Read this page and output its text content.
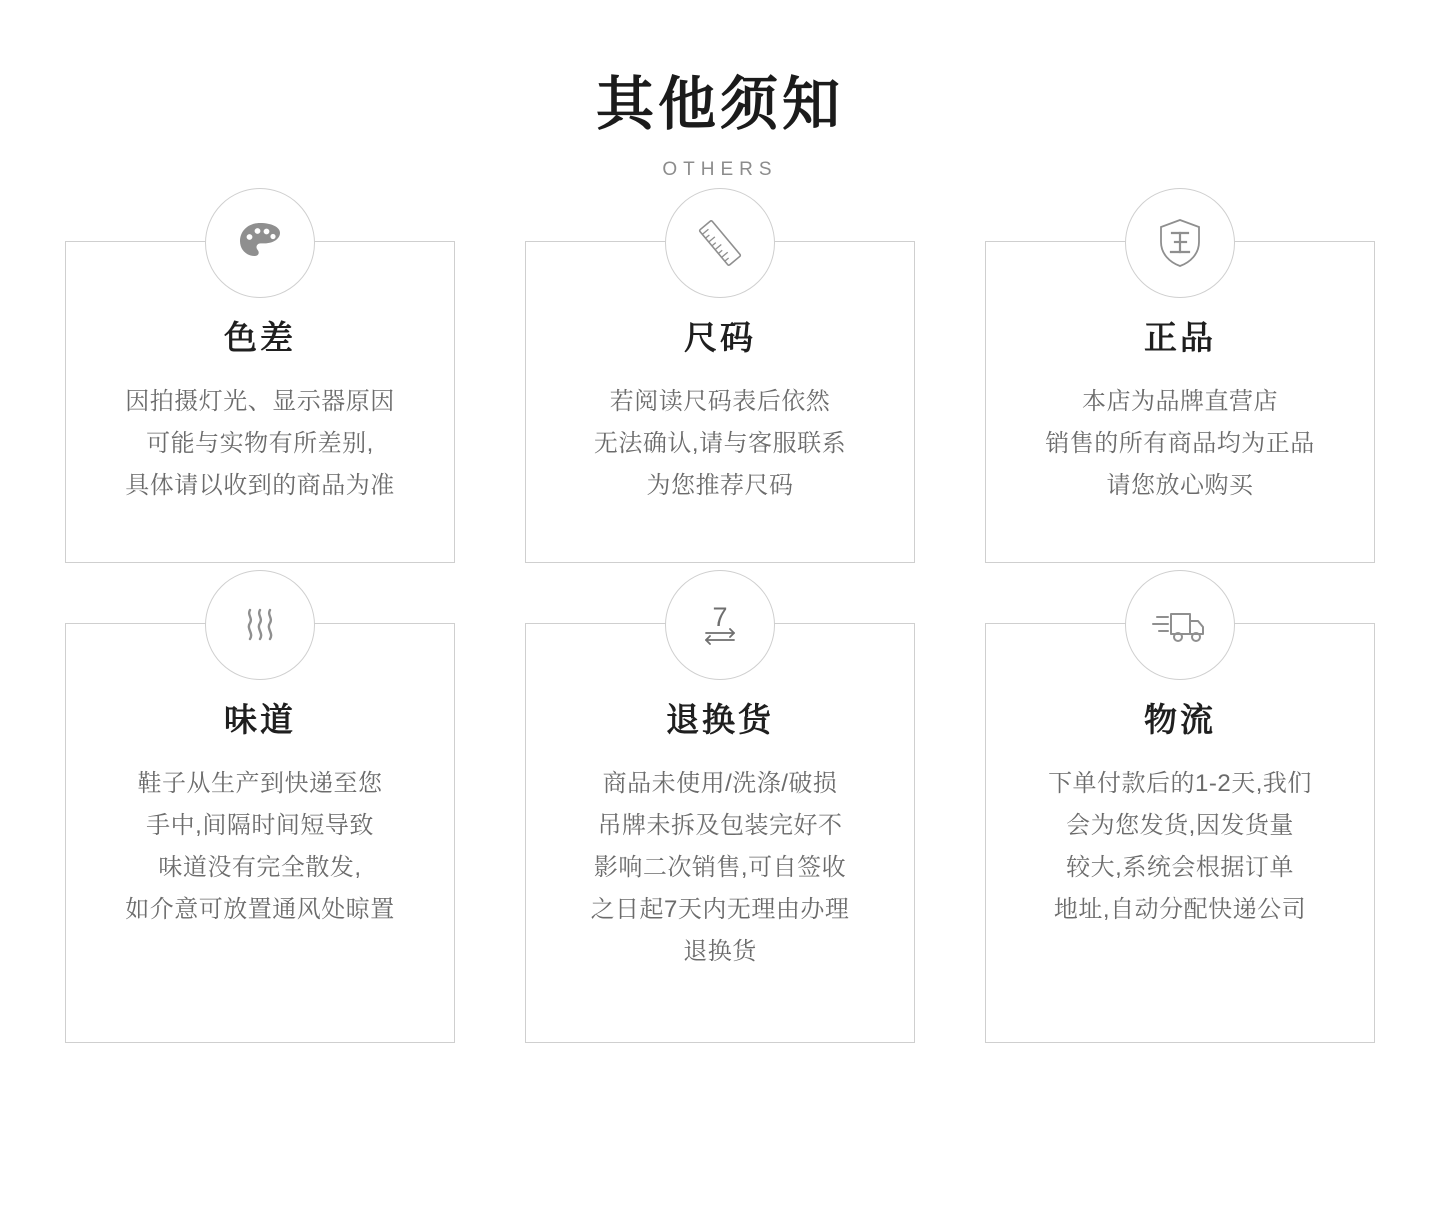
其他须知
OTHERS
色差
因拍摄灯光、显示器原因
可能与实物有所差别,
具体请以收到的商品为准
尺码
若阅读尺码表后依然
无法确认,请与客服联系
为您推荐尺码
正品
本店为品牌直营店
销售的所有商品均为正品
请您放心购买
味道
鞋子从生产到快递至您
手中,间隔时间短导致
味道没有完全散发,
如介意可放置通风处晾置
7
退换货
商品未使用/洗涤/破损
吊牌未拆及包装完好不
影响二次销售,可自签收
之日起7天内无理由办理
退换货
物流
下单付款后的1-2天,我们
会为您发货,因发货量
较大,系统会根据订单
地址,自动分配快递公司
